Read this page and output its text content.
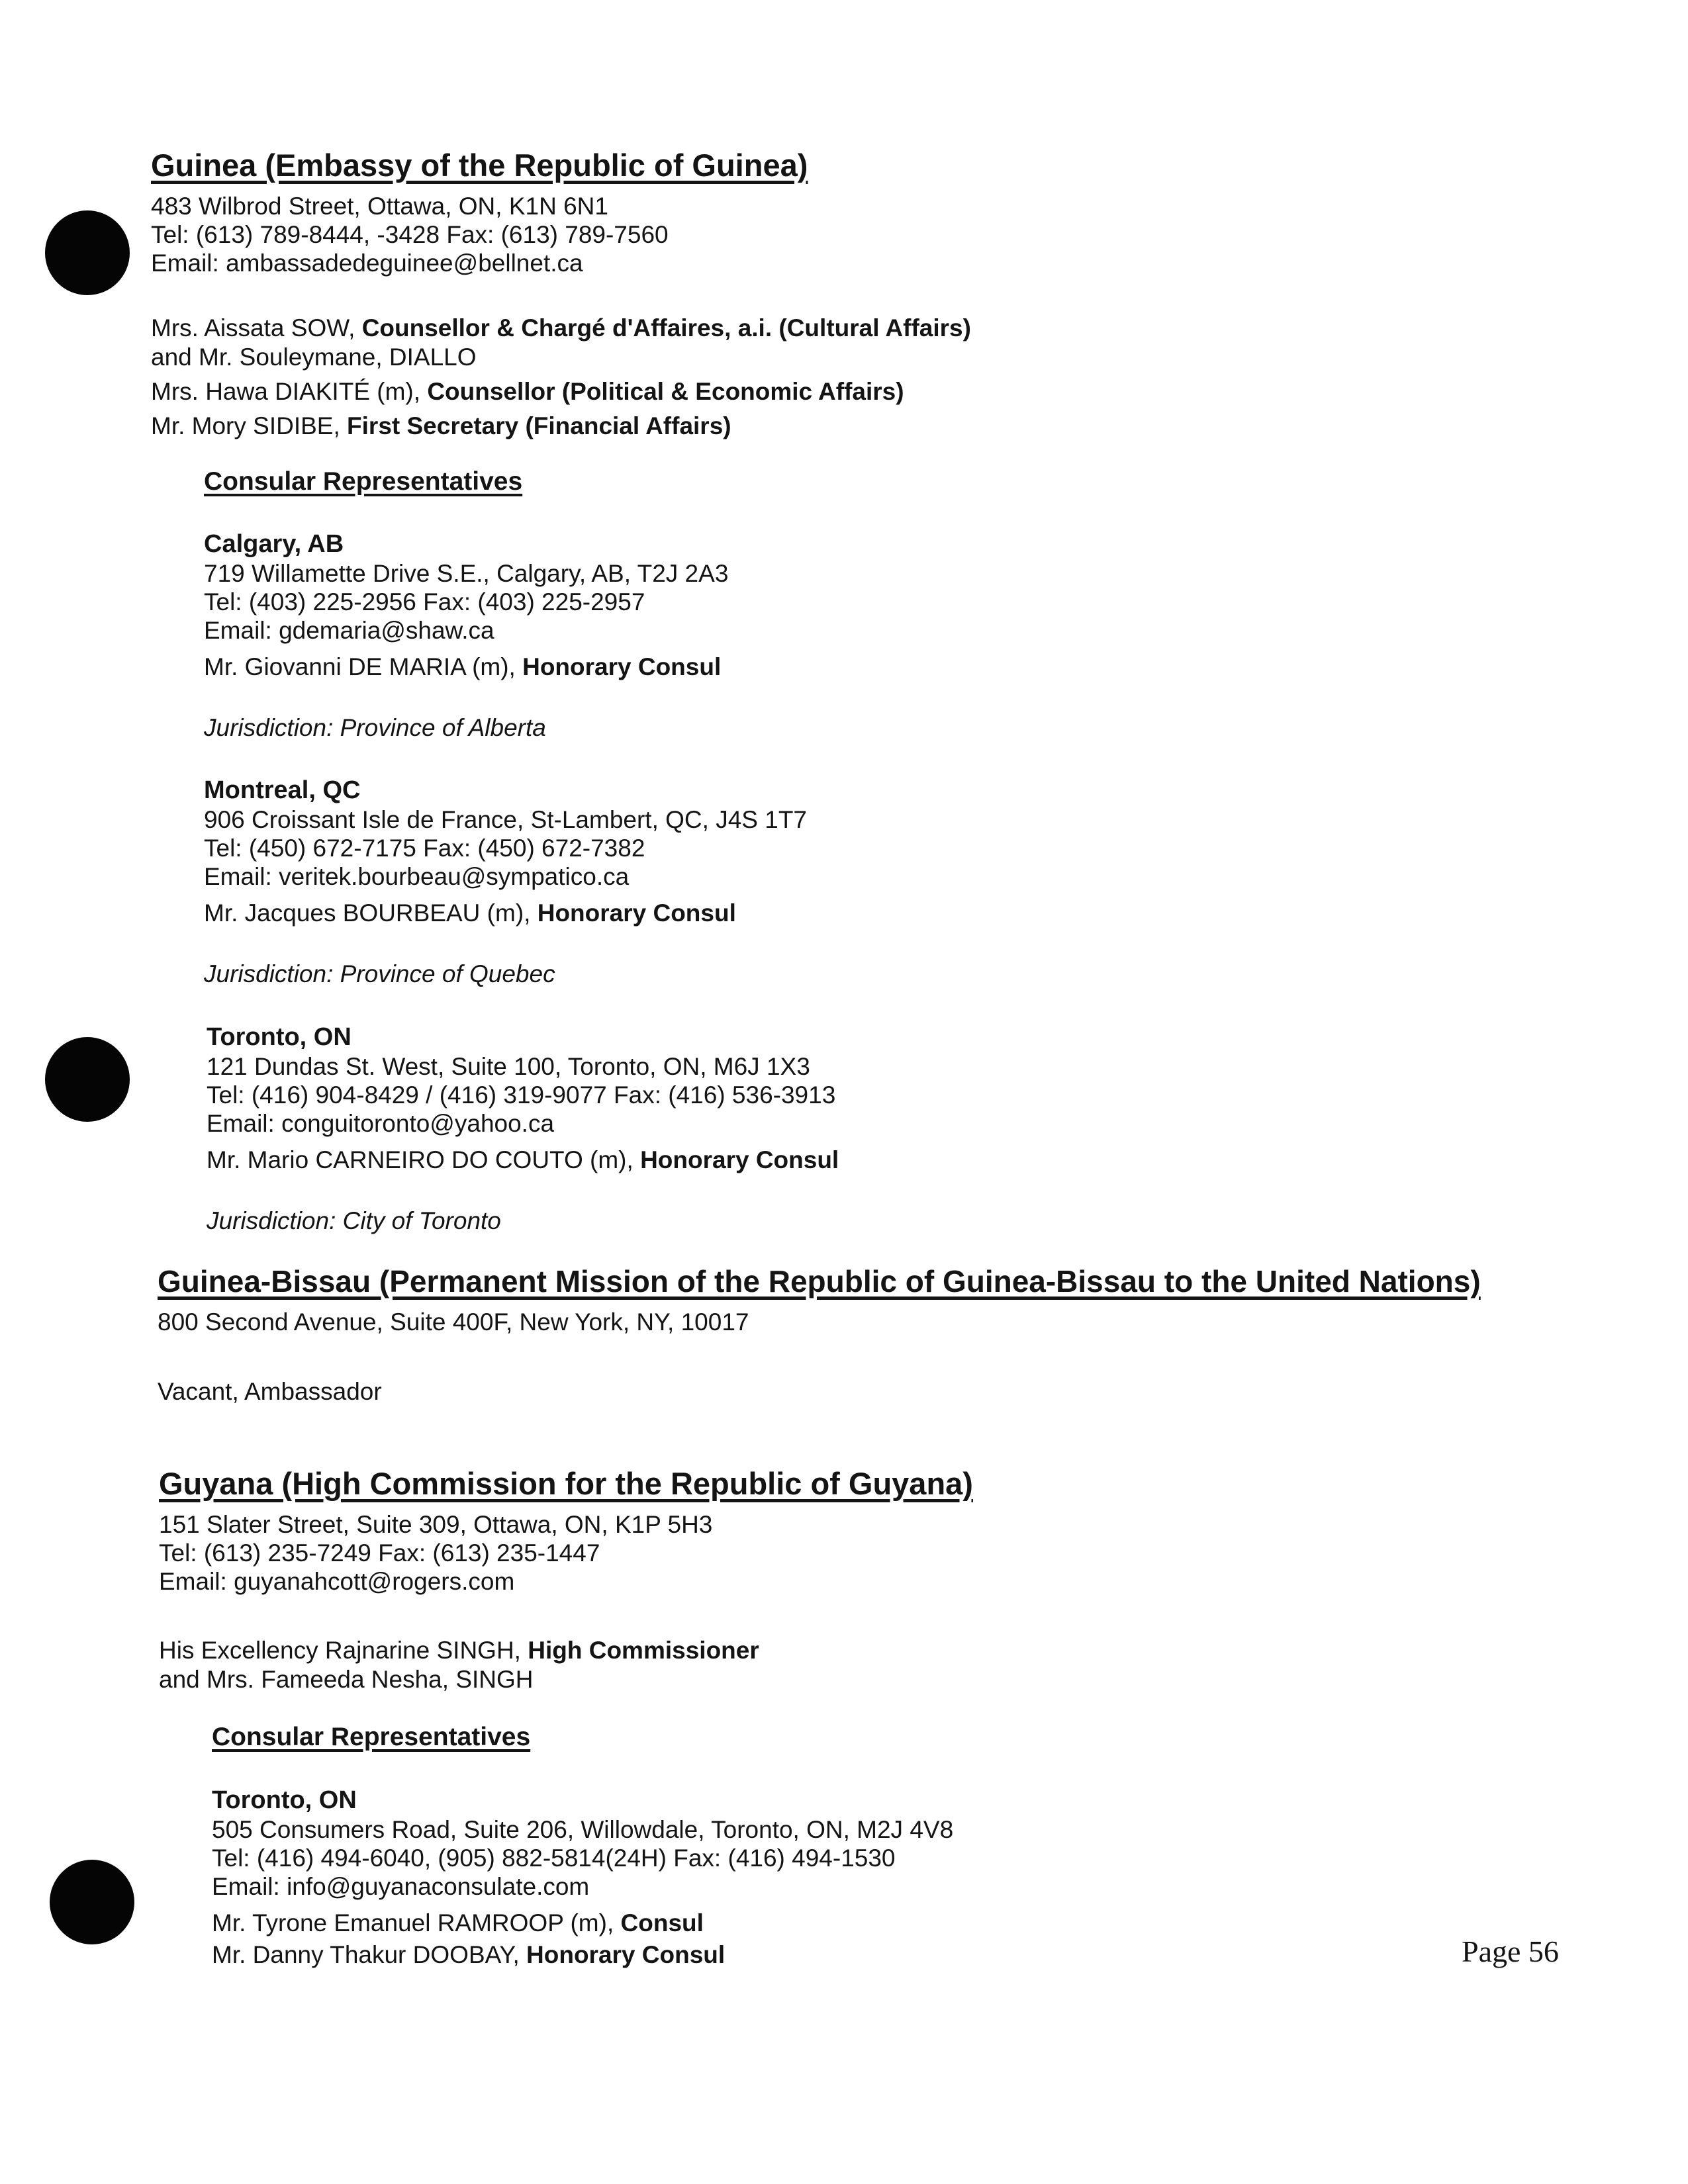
Guinea (Embassy of the Republic of Guinea)
483 Wilbrod Street, Ottawa, ON, K1N 6N1
Tel: (613) 789-8444, -3428 Fax: (613) 789-7560
Email: ambassadedeguinee@bellnet.ca
Mrs. Aissata SOW, Counsellor & Chargé d'Affaires, a.i. (Cultural Affairs)
and Mr. Souleymane, DIALLO
Mrs. Hawa DIAKITÉ (m), Counsellor (Political & Economic Affairs)
Mr. Mory SIDIBE, First Secretary (Financial Affairs)
Consular Representatives
Calgary, AB
719 Willamette Drive S.E., Calgary, AB, T2J 2A3
Tel: (403) 225-2956 Fax: (403) 225-2957
Email: gdemaria@shaw.ca
Mr. Giovanni DE MARIA (m), Honorary Consul
Jurisdiction: Province of Alberta
Montreal, QC
906 Croissant Isle de France, St-Lambert, QC, J4S 1T7
Tel: (450) 672-7175 Fax: (450) 672-7382
Email: veritek.bourbeau@sympatico.ca
Mr. Jacques BOURBEAU (m), Honorary Consul
Jurisdiction: Province of Quebec
Toronto, ON
121 Dundas St. West, Suite 100, Toronto, ON, M6J 1X3
Tel: (416) 904-8429 / (416) 319-9077 Fax: (416) 536-3913
Email: conguitoronto@yahoo.ca
Mr. Mario CARNEIRO DO COUTO (m), Honorary Consul
Jurisdiction: City of Toronto
Guinea-Bissau (Permanent Mission of the Republic of Guinea-Bissau to the United Nations)
800 Second Avenue, Suite 400F, New York, NY, 10017
Vacant, Ambassador
Guyana (High Commission for the Republic of Guyana)
151 Slater Street, Suite 309, Ottawa, ON, K1P 5H3
Tel: (613) 235-7249 Fax: (613) 235-1447
Email: guyanahcott@rogers.com
His Excellency Rajnarine SINGH, High Commissioner
and Mrs. Fameeda Nesha, SINGH
Consular Representatives
Toronto, ON
505 Consumers Road, Suite 206, Willowdale, Toronto, ON, M2J 4V8
Tel: (416) 494-6040, (905) 882-5814(24H) Fax: (416) 494-1530
Email: info@guyanaconsulate.com
Mr. Tyrone Emanuel RAMROOP (m), Consul
Mr. Danny Thakur DOOBAY, Honorary Consul	Page 56
